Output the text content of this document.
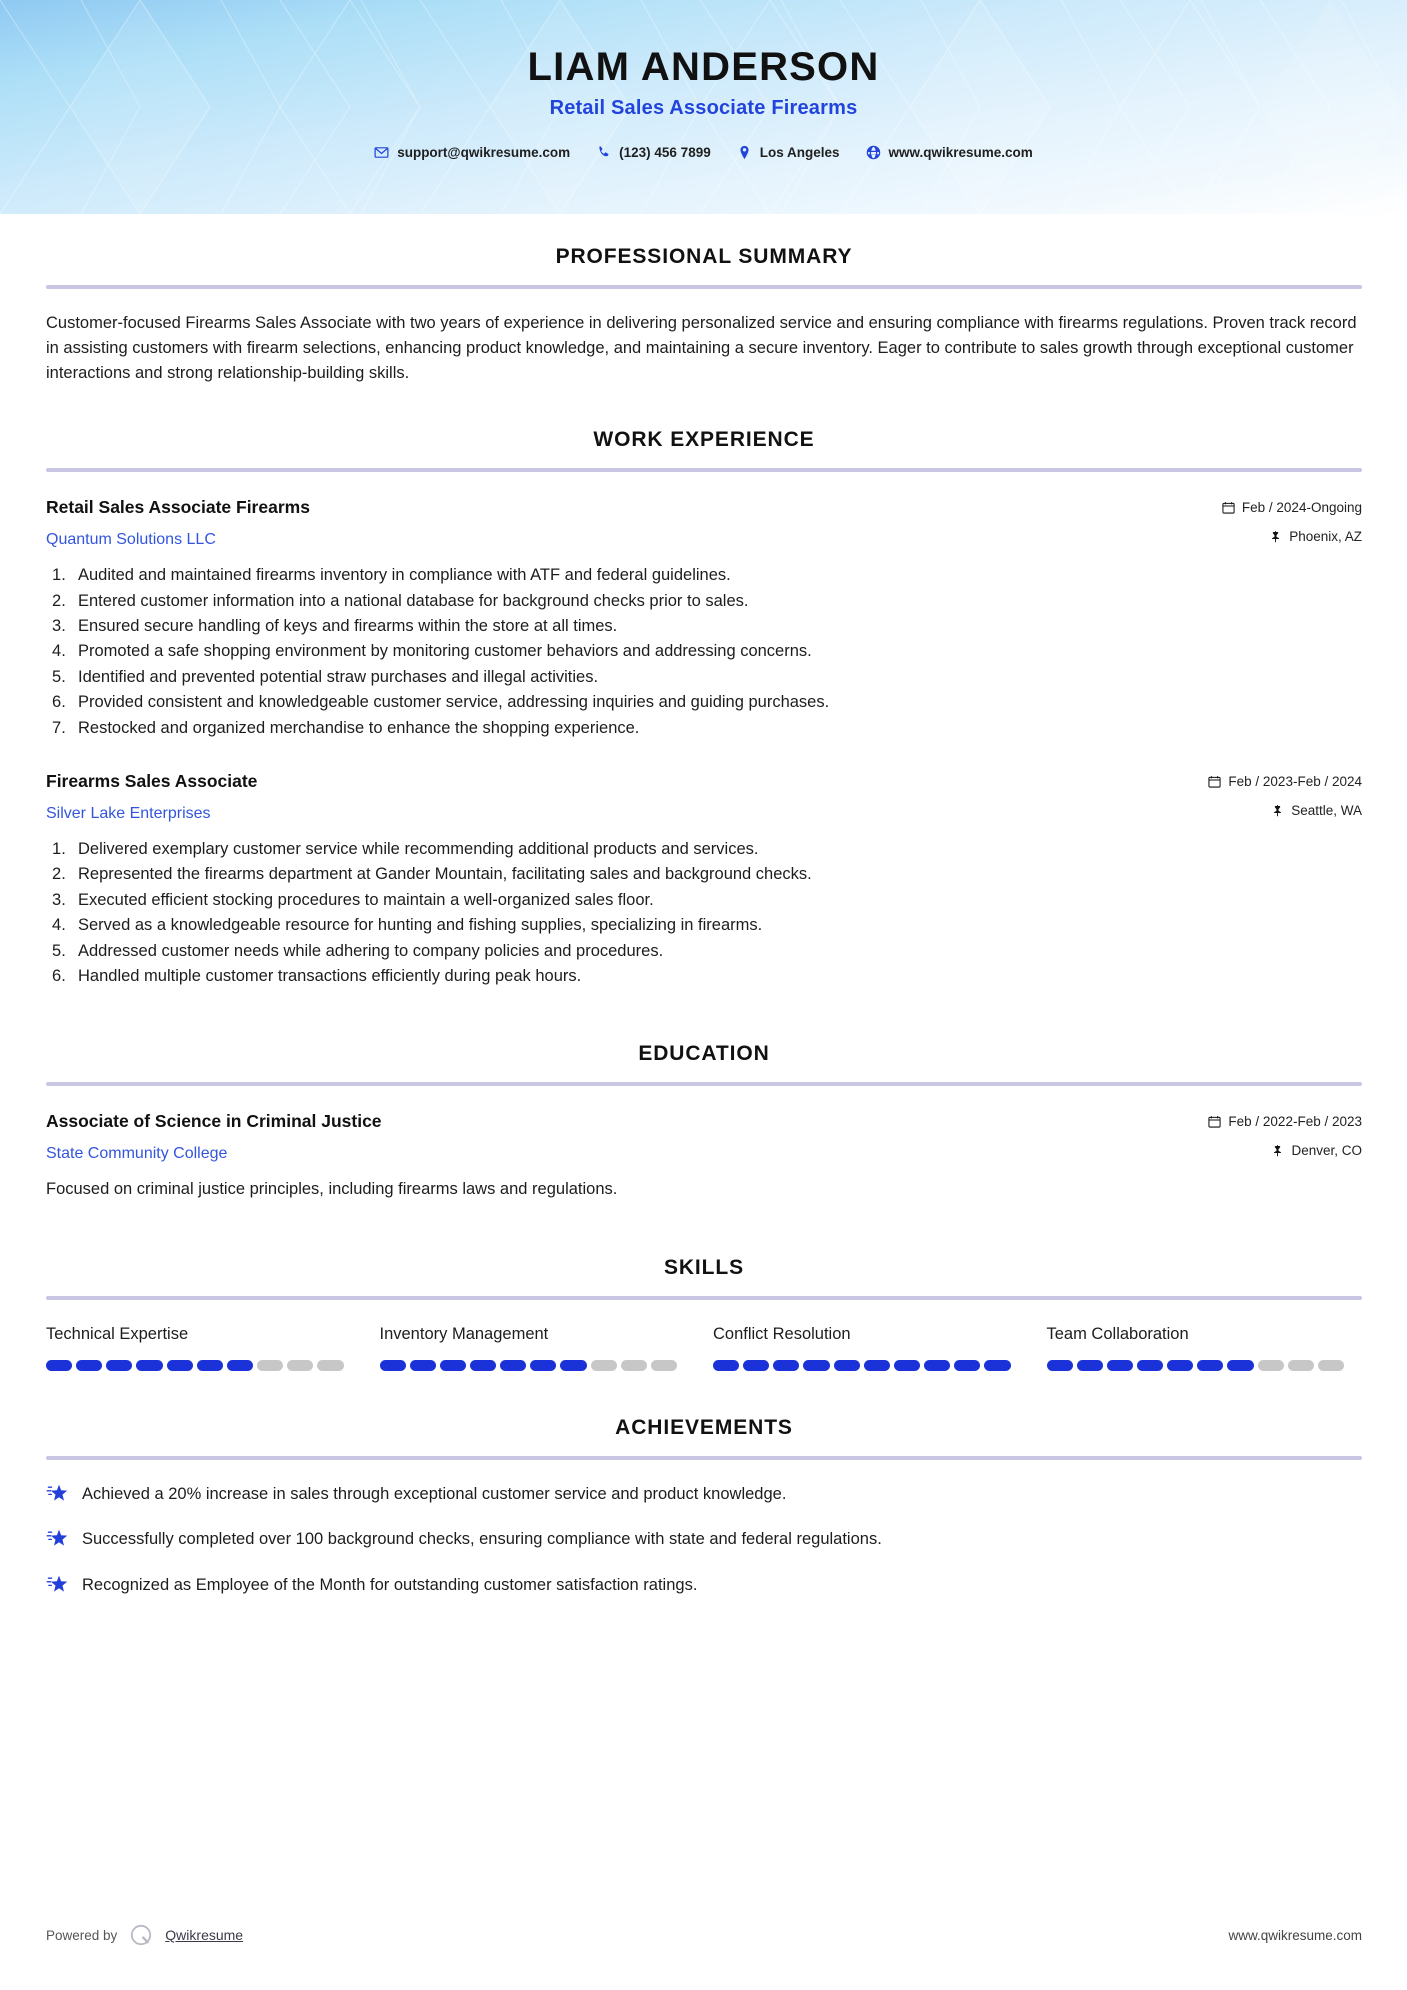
LIAM ANDERSON
Retail Sales Associate Firearms
support@qwikresume.com	(123) 456 7899	Los Angeles	www.qwikresume.com
PROFESSIONAL SUMMARY

Customer-focused Firearms Sales Associate with two years of experience in delivering personalized service and ensuring compliance with firearms regulations. Proven track record in assisting customers with firearm selections, enhancing product knowledge, and maintaining a secure inventory. Eager to contribute to sales growth through exceptional customer interactions and strong relationship-building skills.

WORK EXPERIENCE
Retail Sales Associate Firearms
Quantum Solutions LLC
Feb / 2024-Ongoing
Phoenix, AZ
Audited and maintained firearms inventory in compliance with ATF and federal guidelines.
Entered customer information into a national database for background checks prior to sales.
Ensured secure handling of keys and firearms within the store at all times.
Promoted a safe shopping environment by monitoring customer behaviors and addressing concerns.
Identified and prevented potential straw purchases and illegal activities.
Provided consistent and knowledgeable customer service, addressing inquiries and guiding purchases.
Restocked and organized merchandise to enhance the shopping experience.
Firearms Sales Associate
Silver Lake Enterprises
Feb / 2023-Feb / 2024
Seattle, WA
Delivered exemplary customer service while recommending additional products and services.
Represented the firearms department at Gander Mountain, facilitating sales and background checks.
Executed efficient stocking procedures to maintain a well-organized sales floor.
Served as a knowledgeable resource for hunting and fishing supplies, specializing in firearms.
Addressed customer needs while adhering to company policies and procedures.
Handled multiple customer transactions efficiently during peak hours.
EDUCATION
Associate of Science in Criminal Justice
State Community College
Feb / 2022-Feb / 2023
Denver, CO

Focused on criminal justice principles, including firearms laws and regulations.

SKILLS
Technical Expertise	Inventory Management	Conflict Resolution	Team Collaboration
ACHIEVEMENTS
Achieved a 20% increase in sales through exceptional customer service and product knowledge.
Successfully completed over 100 background checks, ensuring compliance with state and federal regulations.
Recognized as Employee of the Month for outstanding customer satisfaction ratings.
Powered by	Qwikresume	www.qwikresume.com
